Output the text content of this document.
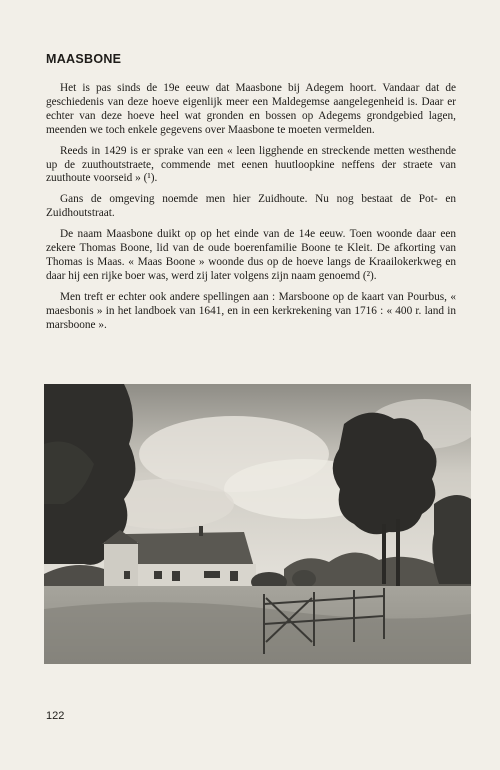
MAASBONE

Het is pas sinds de 19e eeuw dat Maasbone bij Adegem hoort. Vandaar dat de geschiedenis van deze hoeve eigenlijk meer een Maldegemse aangelegenheid is. Daar er echter van deze hoeve heel wat gronden en bossen op Adegems grondgebied lagen, meenden we toch enkele gegevens over Maasbone te moeten vermelden.

Reeds in 1429 is er sprake van een « leen ligghende en streckende metten westhende up de zuuthoutstraete, commende met eenen huutloopkine neffens der straete van zuuthoute voorseid » (¹).

Gans de omgeving noemde men hier Zuidhoute. Nu nog bestaat de Pot- en Zuidhoutstraat.

De naam Maasbone duikt op op het einde van de 14e eeuw. Toen woonde daar een zekere Thomas Boone, lid van de oude boerenfamilie Boone te Kleit. De afkorting van Thomas is Maas. « Maas Boone » woonde dus op de hoeve langs de Kraailokerkweg en daar hij een rijke boer was, werd zij later volgens zijn naam genoemd (²).

Men treft er echter ook andere spellingen aan : Marsboone op de kaart van Pourbus, « maesbonis » in het landboek van 1641, en in een kerkrekening van 1716 : « 400 r. land in marsboone ».

122
